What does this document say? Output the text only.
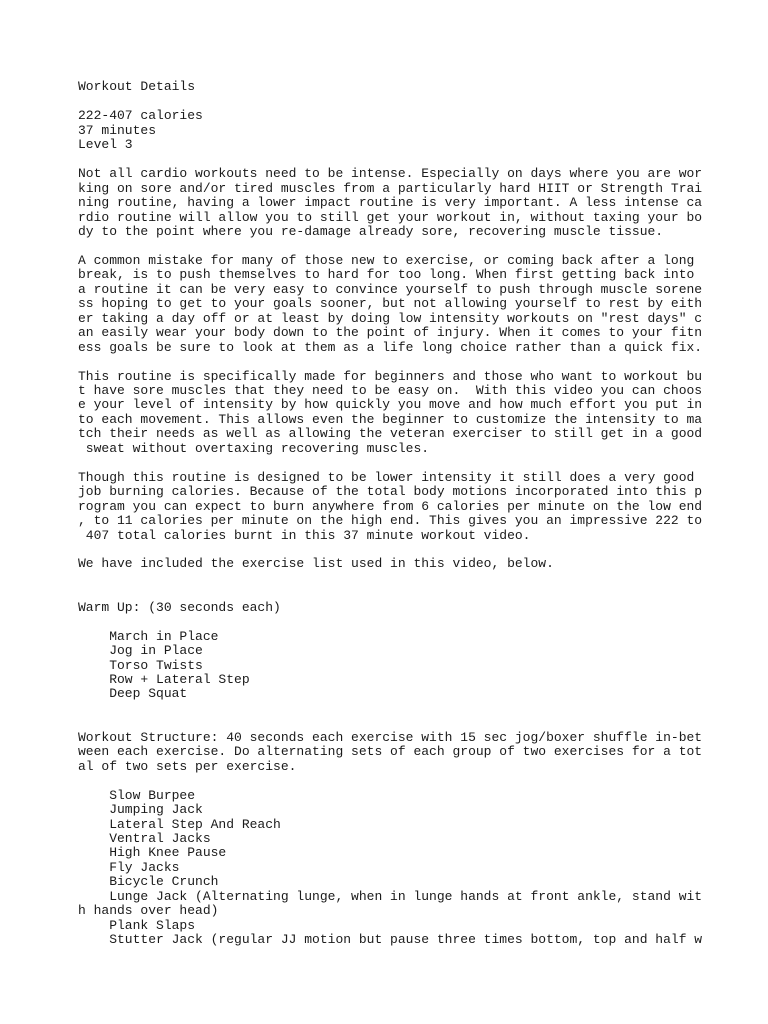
Workout Details

222-407 calories
37 minutes
Level 3

Not all cardio workouts need to be intense. Especially on days where you are wor
king on sore and/or tired muscles from a particularly hard HIIT or Strength Trai
ning routine, having a lower impact routine is very important. A less intense ca
rdio routine will allow you to still get your workout in, without taxing your bo
dy to the point where you re-damage already sore, recovering muscle tissue.

A common mistake for many of those new to exercise, or coming back after a long
break, is to push themselves to hard for too long. When first getting back into
a routine it can be very easy to convince yourself to push through muscle sorene
ss hoping to get to your goals sooner, but not allowing yourself to rest by eith
er taking a day off or at least by doing low intensity workouts on "rest days" c
an easily wear your body down to the point of injury. When it comes to your fitn
ess goals be sure to look at them as a life long choice rather than a quick fix.

This routine is specifically made for beginners and those who want to workout bu
t have sore muscles that they need to be easy on.  With this video you can choos
e your level of intensity by how quickly you move and how much effort you put in
to each movement. This allows even the beginner to customize the intensity to ma
tch their needs as well as allowing the veteran exerciser to still get in a good
sweat without overtaxing recovering muscles.

Though this routine is designed to be lower intensity it still does a very good
job burning calories. Because of the total body motions incorporated into this p
rogram you can expect to burn anywhere from 6 calories per minute on the low end
, to 11 calories per minute on the high end. This gives you an impressive 222 to
407 total calories burnt in this 37 minute workout video.

We have included the exercise list used in this video, below.

Warm Up: (30 seconds each)

March in Place
Jog in Place
Torso Twists
Row + Lateral Step
Deep Squat

Workout Structure: 40 seconds each exercise with 15 sec jog/boxer shuffle in-bet
ween each exercise. Do alternating sets of each group of two exercises for a tot
al of two sets per exercise.

Slow Burpee
Jumping Jack
Lateral Step And Reach
Ventral Jacks
High Knee Pause
Fly Jacks
Bicycle Crunch
Lunge Jack (Alternating lunge, when in lunge hands at front ankle, stand wit
h hands over head)
Plank Slaps
Stutter Jack (regular JJ motion but pause three times bottom, top and half w
